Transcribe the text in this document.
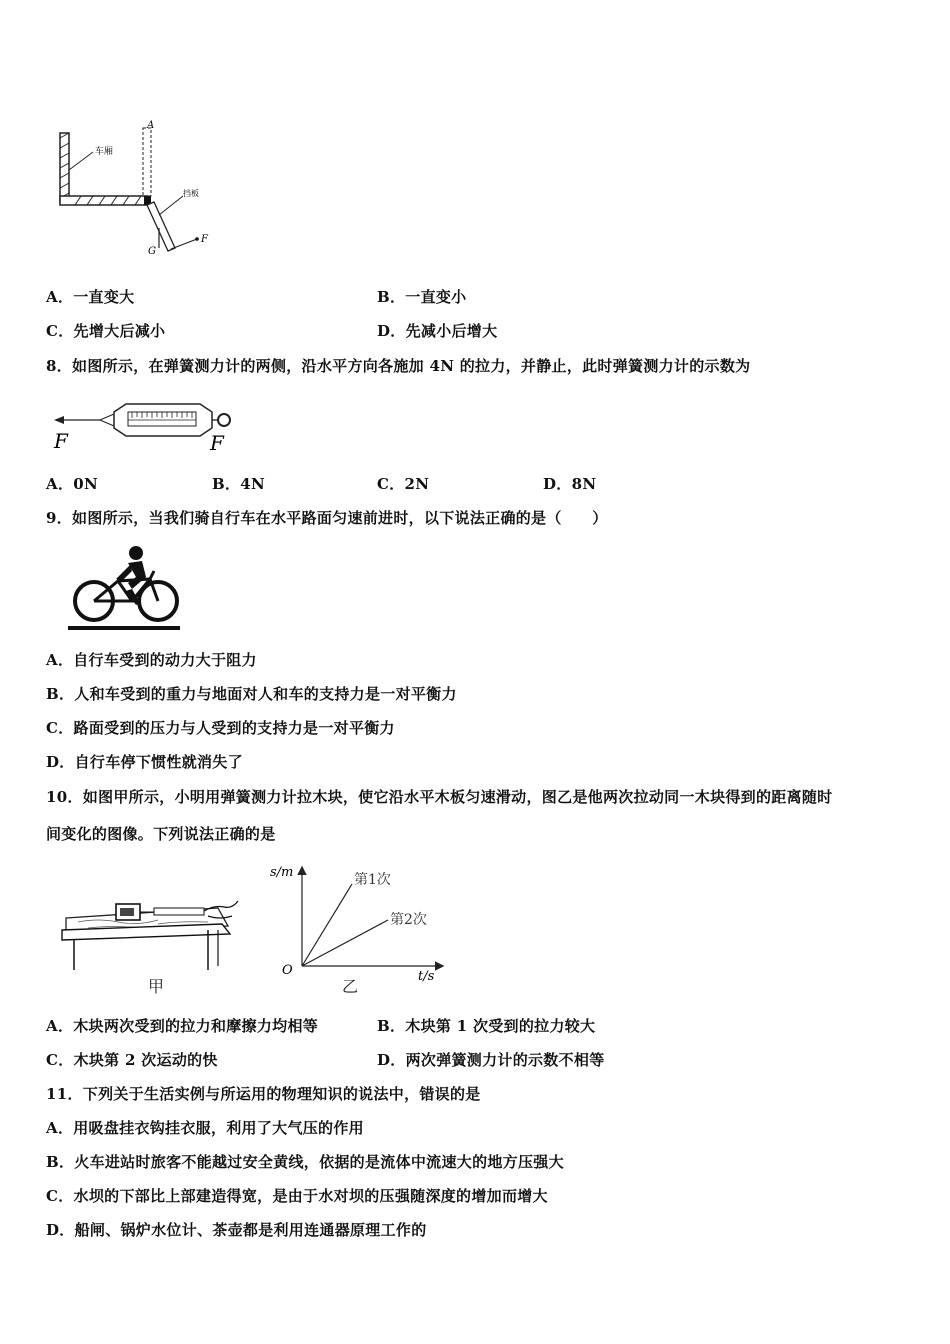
A
车厢
挡板
G
F
A．一直变大	B．一直变小
C．先增大后减小	D．先减小后增大
8．如图所示，在弹簧测力计的两侧，沿水平方向各施加 4N 的拉力，并静止，此时弹簧测力计的示数为
F	F
A．0N	B．4N	C．2N	D．8N
9．如图所示，当我们骑自行车在水平路面匀速前进时，以下说法正确的是（　　）
A．自行车受到的动力大于阻力
B．人和车受到的重力与地面对人和车的支持力是一对平衡力
C．路面受到的压力与人受到的支持力是一对平衡力
D．自行车停下惯性就消失了
10．如图甲所示，小明用弹簧测力计拉木块，使它沿水平木板匀速滑动，图乙是他两次拉动同一木块得到的距离随时
间变化的图像。下列说法正确的是
甲
s/m
t/s
O
第1次
第2次
乙
A．木块两次受到的拉力和摩擦力均相等	B．木块第 1 次受到的拉力较大
C．木块第 2 次运动的快	D．两次弹簧测力计的示数不相等
11．下列关于生活实例与所运用的物理知识的说法中，错误的是
A．用吸盘挂衣钩挂衣服，利用了大气压的作用
B．火车进站时旅客不能越过安全黄线，依据的是流体中流速大的地方压强大
C．水坝的下部比上部建造得宽，是由于水对坝的压强随深度的增加而增大
D．船闸、锅炉水位计、茶壶都是利用连通器原理工作的
